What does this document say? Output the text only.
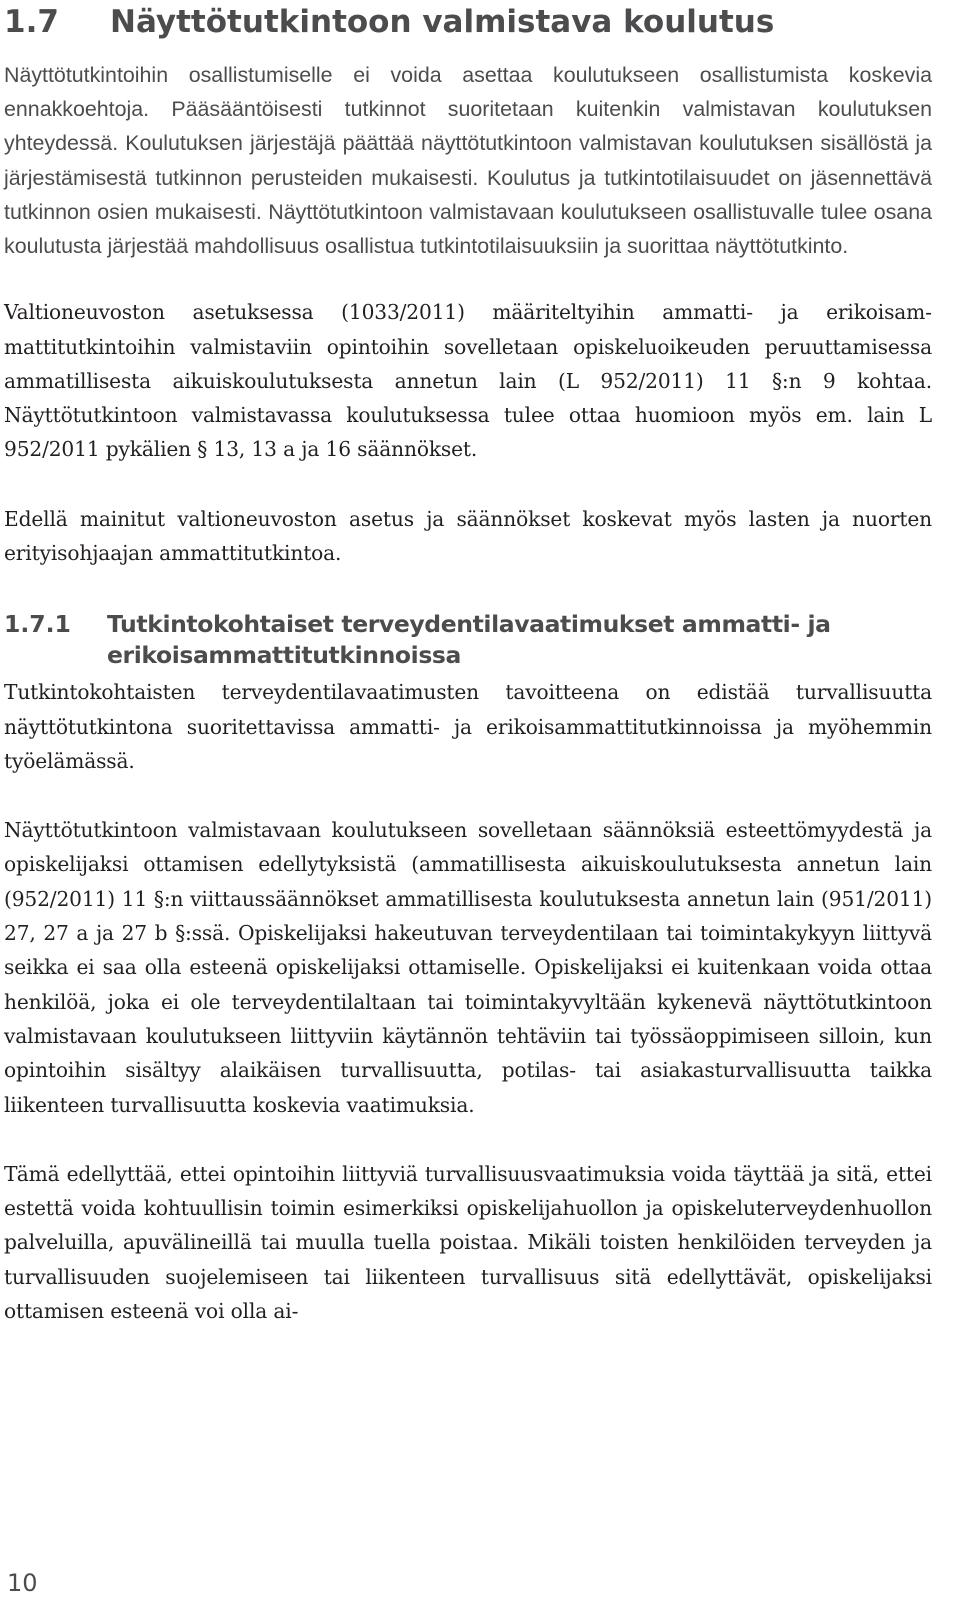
1.7 Näyttötutkintoon valmistava koulutus

Näyttötutkintoihin osallistumiselle ei voida asettaa koulutukseen osallistumista koskevia ennakkoehtoja. Pääsääntöisesti tutkinnot suoritetaan kuitenkin valmistavan koulutuksen yhteydessä. Koulutuksen järjestäjä päättää näyttötutkintoon valmistavan koulutuksen sisällöstä ja järjestämisestä tutkinnon perusteiden mukaisesti. Koulutus ja tutkintotilaisuudet on jäsennettävä tutkinnon osien mukaisesti. Näyttötutkintoon valmistavaan koulutukseen osallistuvalle tulee osana koulutusta järjestää mahdollisuus osallistua tutkintotilaisuuksiin ja suorittaa näyttötutkinto.

Valtioneuvoston asetuksessa (1033/2011) määriteltyihin ammatti- ja erikoisammattitutkintoihin valmistaviin opintoihin sovelletaan opiskeluoikeuden peruuttamisessa ammatillisesta aikuiskoulutuksesta annetun lain (L 952/2011) 11 §:n 9 kohtaa. Näyttötutkintoon valmistavassa koulutuksessa tulee ottaa huomioon myös em. lain L 952/2011 pykälien § 13, 13 a ja 16 säännökset.

Edellä mainitut valtioneuvoston asetus ja säännökset koskevat myös lasten ja nuorten erityisohjaajan ammattitutkintoa.

1.7.1	Tutkintokohtaiset terveydentilavaatimukset ammatti- ja erikoisammattitutkinnoissa

Tutkintokohtaisten terveydentilavaatimusten tavoitteena on edistää turvallisuutta näyttötutkintona suoritettavissa ammatti- ja erikoisammattitutkinnoissa ja myöhemmin työelämässä.

Näyttötutkintoon valmistavaan koulutukseen sovelletaan säännöksiä esteettömyydestä ja opiskelijaksi ottamisen edellytyksistä (ammatillisesta aikuiskoulutuksesta annetun lain (952/2011) 11 §:n viittaussäännökset ammatillisesta koulutuksesta annetun lain (951/2011) 27, 27 a ja 27 b §:ssä. Opiskelijaksi hakeutuvan terveydentilaan tai toimintakykyyn liittyvä seikka ei saa olla esteenä opiskelijaksi ottamiselle. Opiskelijaksi ei kuitenkaan voida ottaa henkilöä, joka ei ole terveydentilaltaan tai toimintakyvyltään kykenevä näyttötutkintoon valmistavaan koulutukseen liittyviin käytännön tehtäviin tai työssäoppimiseen silloin, kun opintoihin sisältyy alaikäisen turvallisuutta, potilas- tai asiakasturvallisuutta taikka liikenteen turvallisuutta koskevia vaatimuksia.

Tämä edellyttää, ettei opintoihin liittyviä turvallisuusvaatimuksia voida täyttää ja sitä, ettei estettä voida kohtuullisin toimin esimerkiksi opiskelijahuollon ja opiskeluterveydenhuollon palveluilla, apuvälineillä tai muulla tuella poistaa. Mikäli toisten henkilöiden terveyden ja turvallisuuden suojelemiseen tai liikenteen turvallisuus sitä edellyttävät, opiskelijaksi ottamisen esteenä voi olla ai-

10
